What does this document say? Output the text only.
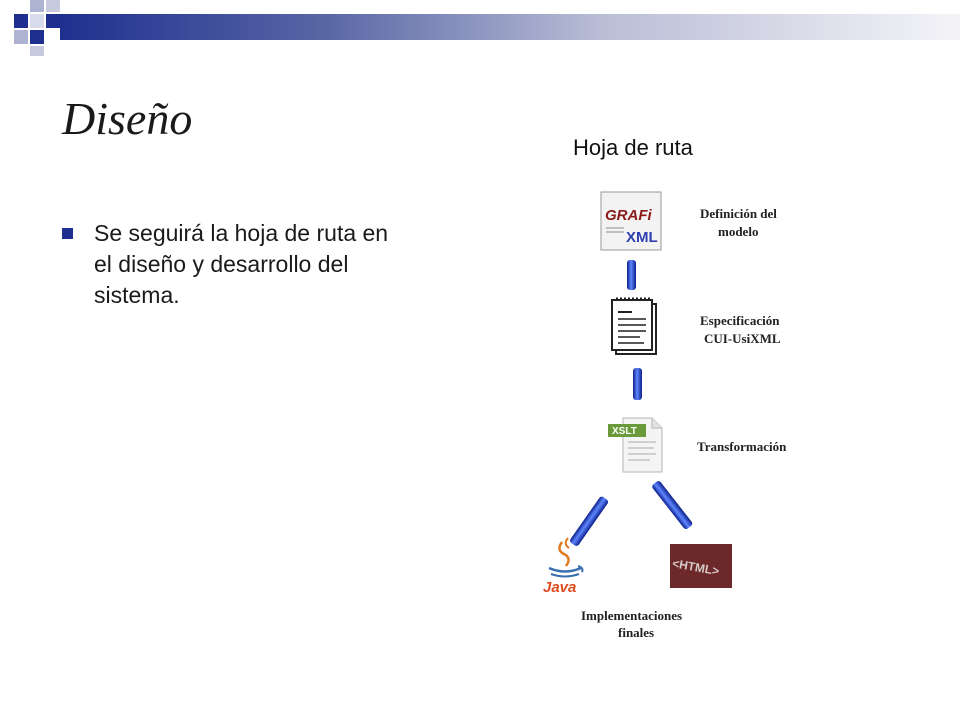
Diseño
Se seguirá la hoja de ruta en el diseño y desarrollo del sistema.
Hoja de ruta
GRAFi
XML
Definición del
modelo
Especificación
CUI-UsiXML
XSLT
Transformación
Java
<HTML>
Implementaciones
finales
